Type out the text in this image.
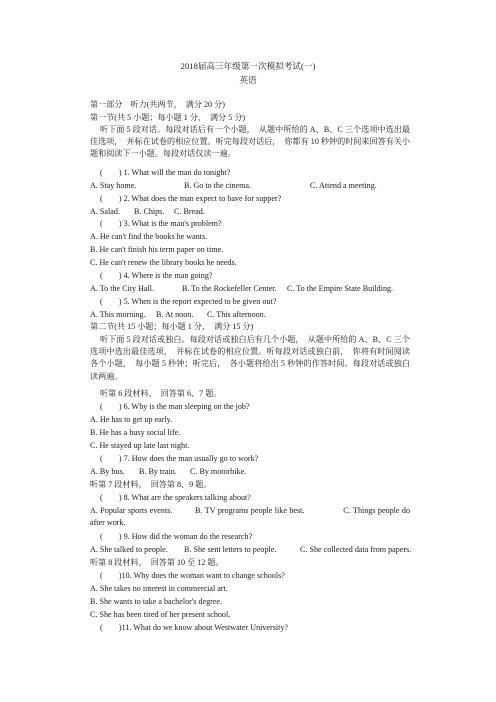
2018届高三年级第一次模拟考试(一)
英语
第一部分　听力(共两节，　满分 20 分)
第一节(共 5 小题；每小题 1 分，　满分 5 分)
听下面 5 段对话。每段对话后有一个小题，　从题中所给的 A、B、C 三个选项中选出最佳选项，　并标在试卷的相应位置。听完每段对话后，　你都有 10 秒钟的时间来回答有关小题和阅读下一小题。每段对话仅读一遍。
(　　) 1. What will the man do tonight?
A. Stay home.	B. Go to the cinema.	C. Attend a meeting.
(　　) 2. What does the man expect to have for supper?
A. Salad. B. Chips. C. Bread.
(　　) 3. What is the man's problem?
A. He can't find the books he wants.
B. He can't finish his term paper on time.
C. He can't renew the library books he needs.
(　　) 4. Where is the man going?
A. To the City Hall.	B. To the Rockefeller Center. C. To the Empire State Building.
(　　) 5. When is the report expected to be given out?
A. This morning. B. At noon. C. This afternoon.
第二节(共 15 小题；每小题 1 分，　满分 15 分)
听下面 5 段对话或独白。每段对话或独白后有几个小题，　从题中所给的 A、B、C 三个选项中选出最佳选项，　并标在试卷的相应位置。听每段对话或独白前，　你将有时间阅读各个小题，　每小题 5 秒钟；听完后，　各小题将给出 5 秒钟的作答时间。每段对话或独白读两遍。
听第 6 段材料，　回答第 6、7 题。
(　　) 6. Why is the man sleeping on the job?
A. He has to get up early.
B. He has a busy social life.
C. He stayed up late last night.
(　　) 7. How does the man usually go to work?
A. By bus. B. By train. C. By motorbike.
听第 7 段材料，　回答第 8、9 题。
(　　) 8. What are the speakers talking about?
A. Popular sports events.   	B. TV programs people like best.     	C. Things people do after work.
(　　) 9. How did the woman do the research?
A. She talked to people. B. She sent letters to people.	C. She collected data from papers.
听第 8 段材料，　回答第 10 至 12 题。
(　　)10. Why does the woman want to change schools?
A. She takes no interest in commercial art.
B. She wants to take a bachelor's degree.
C. She has been tired of her present school.
(　　)11. What do we know about Westwater University?
